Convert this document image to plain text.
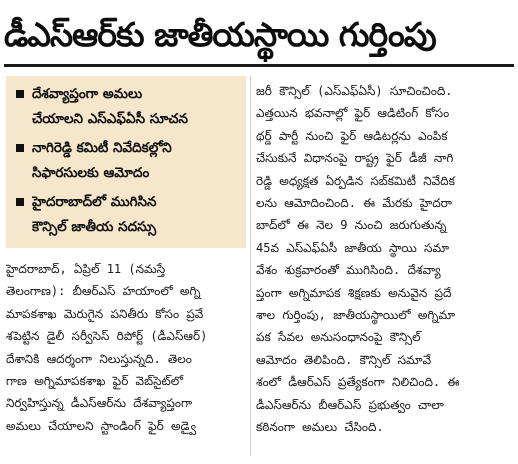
డీఎస్‌ఆర్‌కు జాతీయస్థాయి గుర్తింపు
దేశవ్యాప్తంగా అమలు
చేయాలని ఎస్‌ఎఫ్‌ఏసీ సూచన
నాగిరెడ్డి కమిటీ నివేదికల్లోని
సిఫారసులకు ఆమోదం
హైదరాబాద్‌లో ముగిసిన
కౌన్సిల్ జాతీయ సదస్సు
హైదరాబాద్, ఏప్రిల్ 11 (నమస్తే
తెలంగాణ): బీఆర్‌ఎస్ హయాంలో అగ్ని
మాపకశాఖ మెరుగైన పనితీరు కోసం ప్రవే
శపెట్టిన డైలీ సర్వీసెస్ రిపోర్ట్ (డీఎస్‌ఆర్)
దేశానికి ఆదర్శంగా నిలుస్తున్నది. తెలం
గాణ అగ్నిమాపకశాఖ ఫైర్ వెబ్‌సైట్‌లో
నిర్వహిస్తున్న డీఎస్‌ఆర్‌ను దేశవ్యాప్తంగా
అమలు చేయాలని స్టాండింగ్ ఫైర్ అడ్వై
జరీ కౌన్సిల్ (ఎస్‌ఎఫ్‌ఏసీ) సూచించింది.
ఎత్తయిన భవనాల్లో ఫైర్ ఆడిటింగ్ కోసం
థర్డ్ పార్టీ నుంచి ఫైర్ ఆడిటర్లను ఎంపిక
చేసుకునే విధానంపై రాష్ట్ర ఫైర్ డీజీ నాగి
రెడ్డి అధ్యక్షత ఏర్పడిన సబ్‌కమిటీ నివేదిక
లను ఆమోదించింది. ఈ మేరకు హైదరా
బాద్‌లో ఈ నెల 9 నుంచి జరుగుతున్న
45వ ఎస్‌ఎఫ్‌ఏసీ జాతీయ స్థాయి సమా
వేశం శుక్రవారంతో ముగిసింది. దేశవ్యా
ప్తంగా అగ్నిమాపక శిక్షణకు అనువైన ప్రదే
శాల గుర్తింపు, జాతీయస్థాయిలో అగ్నిమా
పక సేవల అనుసంధానంపై కౌన్సిల్
ఆమోదం తెలిపింది. కౌన్సిల్ సమావే
శంలో డీఆర్‌ఎస్ ప్రత్యేకంగా నిలిచింది. ఈ
డీఎస్‌ఆర్‌ను బీఆర్‌ఎస్ ప్రభుత్వం చాలా
కఠినంగా అమలు చేసింది.
